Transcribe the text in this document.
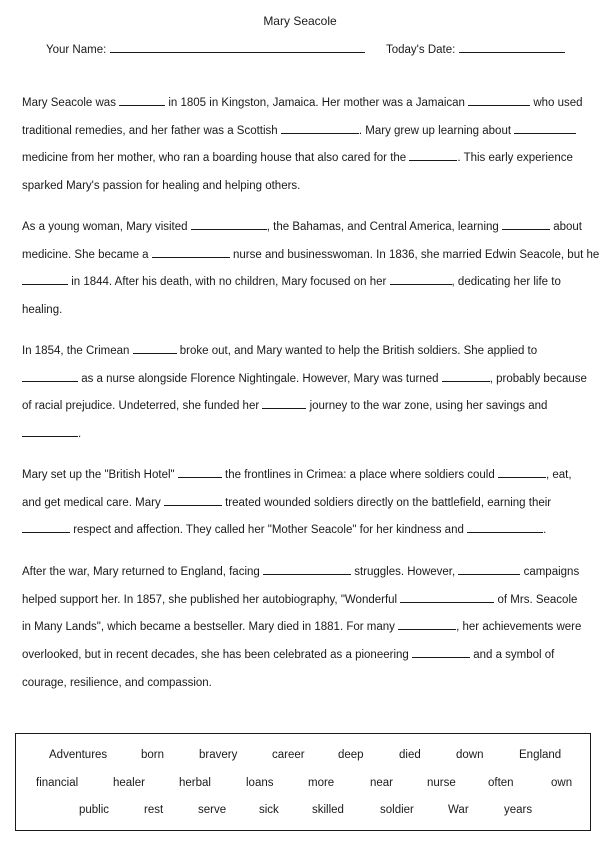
Mary Seacole
Your Name:	Today's Date:

Mary Seacole was	in 1805 in Kingston, Jamaica. Her mother was a Jamaican	who used

traditional remedies, and her father was a Scottish	. Mary grew up learning about

medicine from her mother, who ran a boarding house that also cared for the	. This early experience

sparked Mary's passion for healing and helping others.

As a young woman, Mary visited	, the Bahamas, and Central America, learning	about

medicine. She became a	nurse and businesswoman. In 1836, she married Edwin Seacole, but he

in 1844. After his death, with no children, Mary focused on her	, dedicating her life to

healing.

In 1854, the Crimean	broke out, and Mary wanted to help the British soldiers. She applied to

as a nurse alongside Florence Nightingale. However, Mary was turned	, probably because

of racial prejudice. Undeterred, she funded her	journey to the war zone, using her savings and

.

Mary set up the "British Hotel"	the frontlines in Crimea: a place where soldiers could	, eat,

and get medical care. Mary	treated wounded soldiers directly on the battlefield, earning their

respect and affection. They called her "Mother Seacole" for her kindness and	.

After the war, Mary returned to England, facing	struggles. However,	campaigns

helped support her. In 1857, she published her autobiography, "Wonderful	of Mrs. Seacole

in Many Lands", which became a bestseller. Mary died in 1881. For many	, her achievements were

overlooked, but in recent decades, she has been celebrated as a pioneering	and a symbol of

courage, resilience, and compassion.

Adventures	born	bravery	career	deep	died	down	England
financial	healer	herbal	loans	more	near	nurse	often	own
public	rest	serve	sick	skilled	soldier	War	years
